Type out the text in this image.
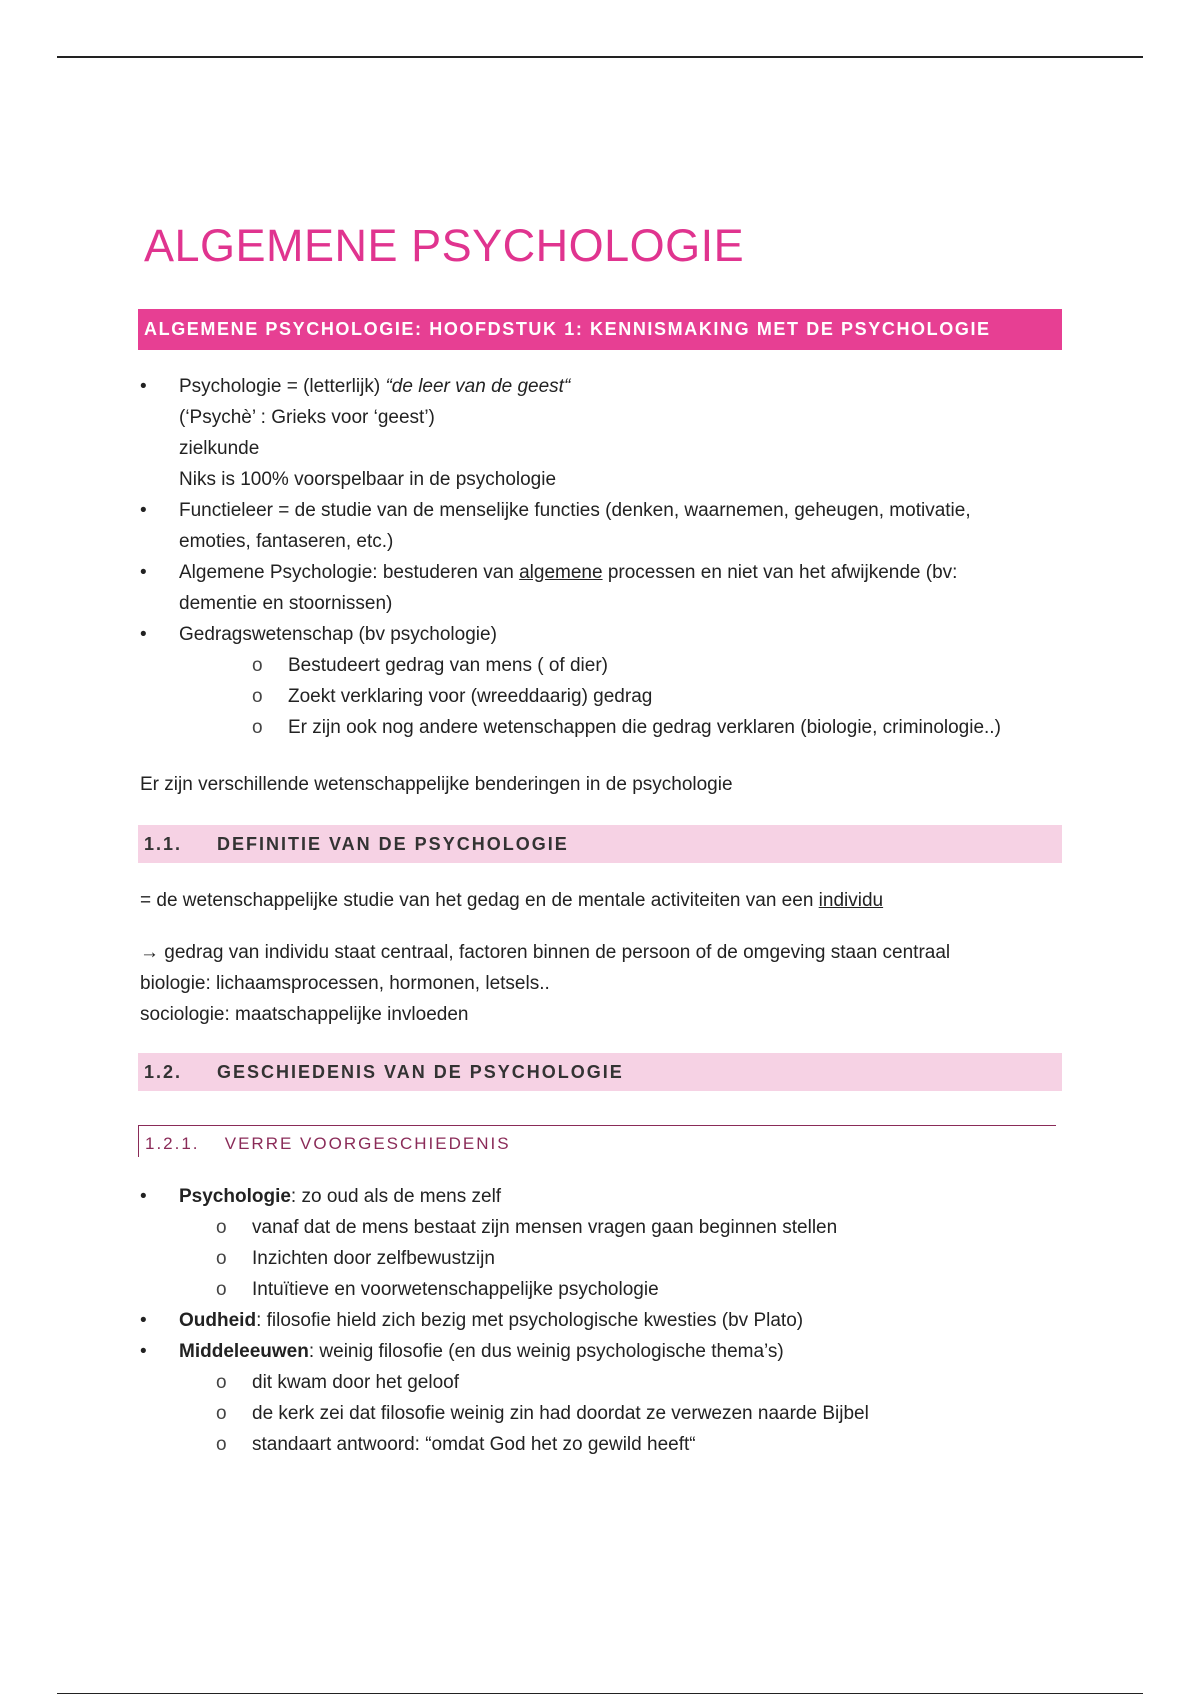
ALGEMENE PSYCHOLOGIE
ALGEMENE PSYCHOLOGIE: HOOFDSTUK 1: KENNISMAKING MET DE PSYCHOLOGIE
•	Psychologie = (letterlijk) “de leer van de geest“
(‘Psychè’ : Grieks voor ‘geest’)
zielkunde
Niks is 100% voorspelbaar in de psychologie
•	Functieleer = de studie van de menselijke functies (denken, waarnemen, geheugen, motivatie,
emoties, fantaseren, etc.)
•	Algemene Psychologie: bestuderen van algemene processen en niet van het afwijkende (bv:
dementie en stoornissen)
•	Gedragswetenschap (bv psychologie)
o	Bestudeert gedrag van mens ( of dier)
o	Zoekt verklaring voor (wreeddaarig) gedrag
o	Er zijn ook nog andere wetenschappen die gedrag verklaren (biologie, criminologie..)
Er zijn verschillende wetenschappelijke benderingen in de psychologie
1.1.	DEFINITIE VAN DE PSYCHOLOGIE
= de wetenschappelijke studie van het gedag en de mentale activiteiten van een individu
→ gedrag van individu staat centraal, factoren binnen de persoon of de omgeving staan centraal
biologie: lichaamsprocessen, hormonen, letsels..
sociologie: maatschappelijke invloeden
1.2.	GESCHIEDENIS VAN DE PSYCHOLOGIE
1.2.1. VERRE VOORGESCHIEDENIS
•	Psychologie: zo oud als de mens zelf
o	vanaf dat de mens bestaat zijn mensen vragen gaan beginnen stellen
o	Inzichten door zelfbewustzijn
o	Intuïtieve en voorwetenschappelijke psychologie
•	Oudheid: filosofie hield zich bezig met psychologische kwesties (bv Plato)
•	Middeleeuwen: weinig filosofie (en dus weinig psychologische thema’s)
o	dit kwam door het geloof
o	de kerk zei dat filosofie weinig zin had doordat ze verwezen naarde Bijbel
o	standaart antwoord: “omdat God het zo gewild heeft“
